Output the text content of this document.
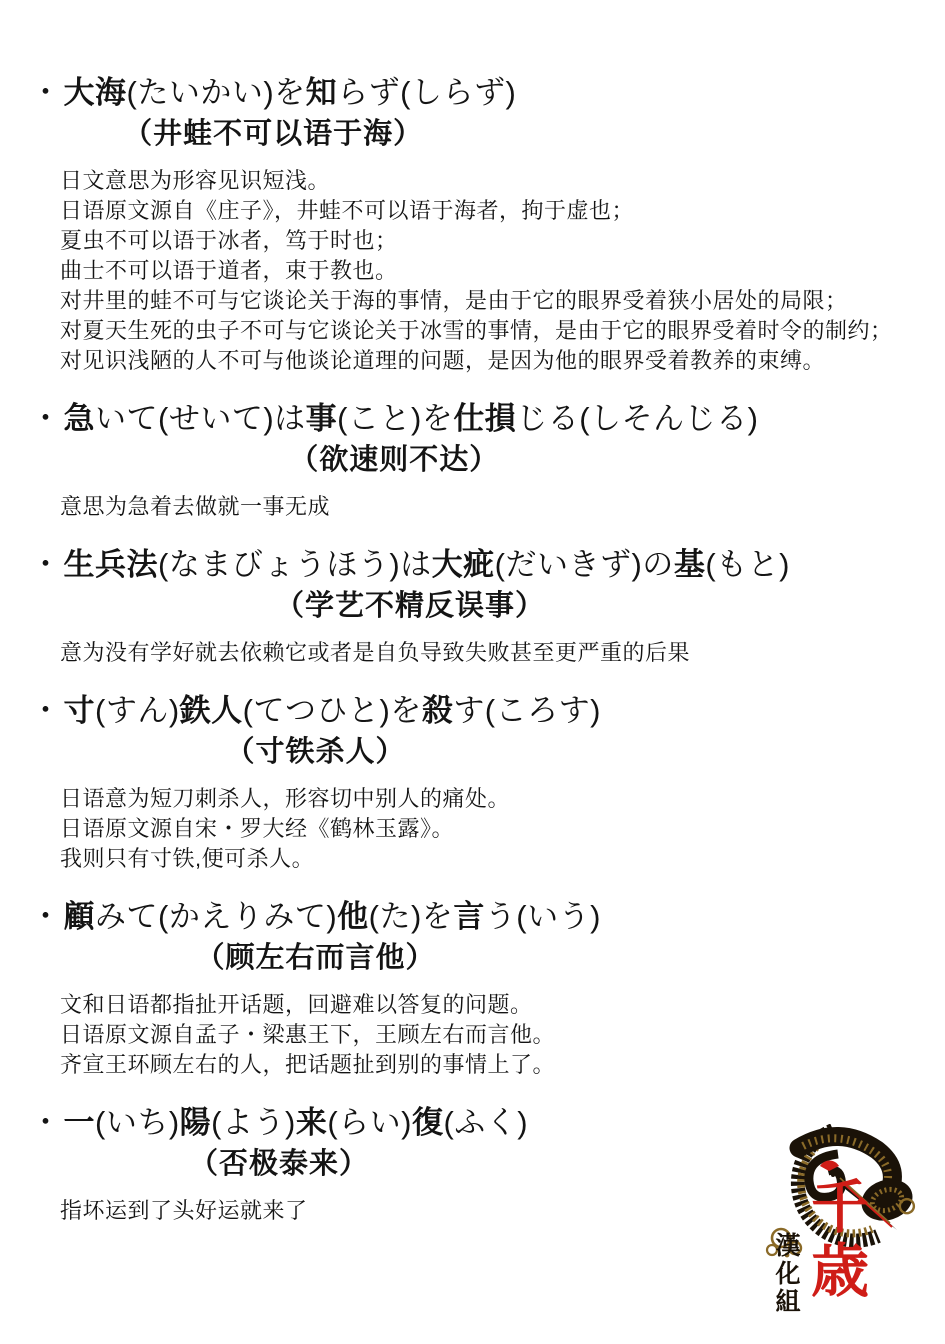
・大海(たいかい)を知らず(しらず)
（井蛙不可以语于海）
日文意思为形容见识短浅。
日语原文源自《庄子》，井蛙不可以语于海者，拘于虚也；
夏虫不可以语于冰者，笃于时也；
曲士不可以语于道者，束于教也。
对井里的蛙不可与它谈论关于海的事情，是由于它的眼界受着狭小居处的局限；
对夏天生死的虫子不可与它谈论关于冰雪的事情，是由于它的眼界受着时令的制约；
对见识浅陋的人不可与他谈论道理的问题，是因为他的眼界受着教养的束缚。
・急いて(せいて)は事(こと)を仕損じる(しそんじる)
（欲速则不达）
意思为急着去做就一事无成
・生兵法(なまびょうほう)は大疵(だいきず)の基(もと)
（学艺不精反误事）
意为没有学好就去依赖它或者是自负导致失败甚至更严重的后果
・寸(すん)鉄人(てつひと)を殺す(ころす)
（寸铁杀人）
日语意为短刀刺杀人，形容切中别人的痛处。
日语原文源自宋・罗大经《鹤林玉露》。
我则只有寸铁,便可杀人。
・顧みて(かえりみて)他(た)を言う(いう)
（顾左右而言他）
文和日语都指扯开话题，回避难以答复的问题。
日语原文源自孟子・梁惠王下，王顾左右而言他。
齐宣王环顾左右的人，把话题扯到别的事情上了。
・一(いち)陽(よう)来(らい)復(ふく)
（否极泰来）
指坏运到了头好运就来了	千歳
漢化組
